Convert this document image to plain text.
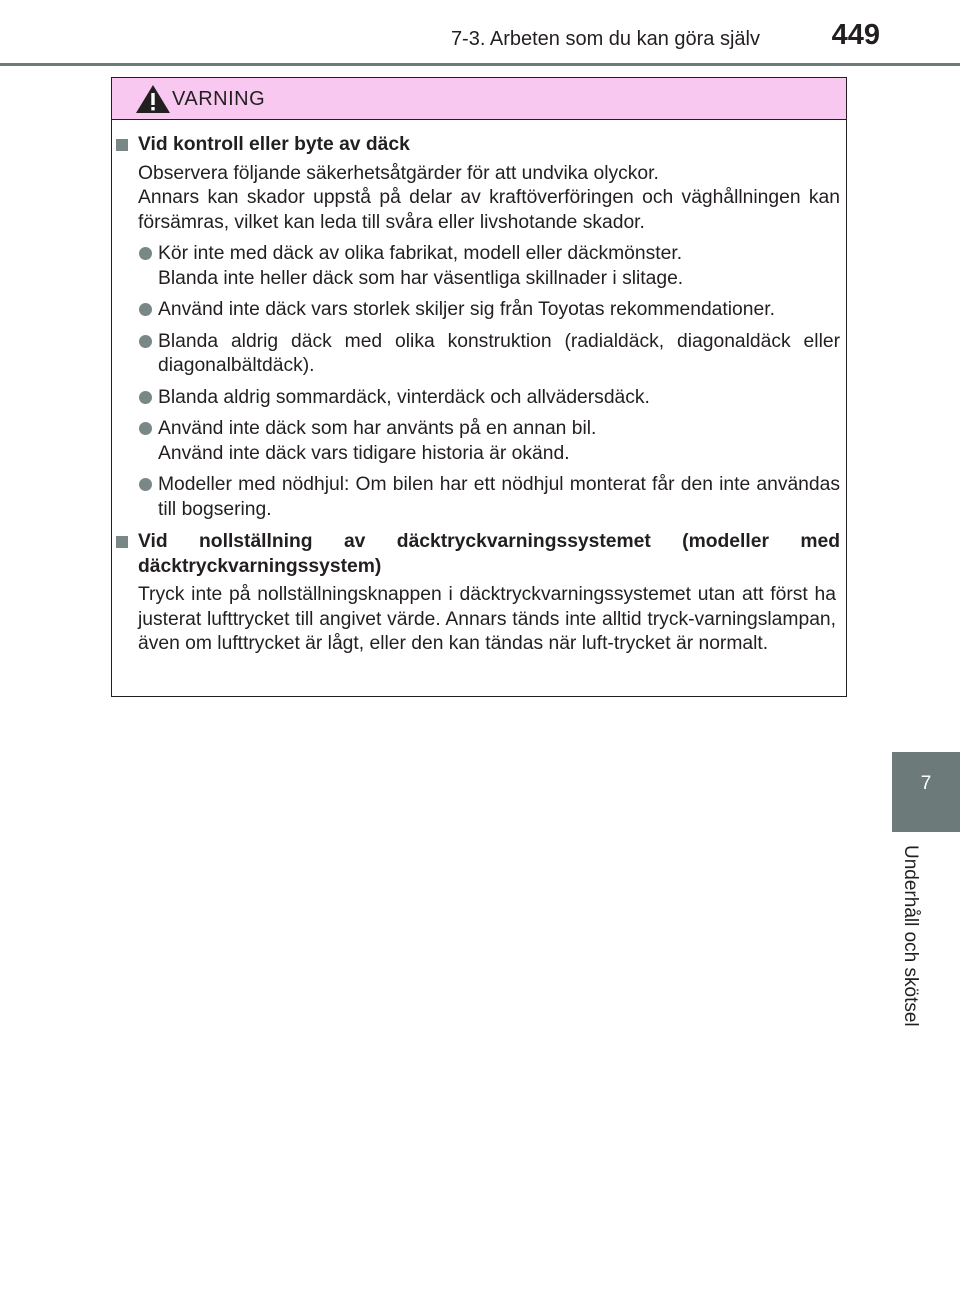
7-3. Arbeten som du kan göra själv	449
7
Underhåll och skötsel
VARNING
Vid kontroll eller byte av däck
Observera följande säkerhetsåtgärder för att undvika olyckor.
Annars kan skador uppstå på delar av kraftöverföringen och väghållningen kan försämras, vilket kan leda till svåra eller livshotande skador.
Kör inte med däck av olika fabrikat, modell eller däckmönster.
Blanda inte heller däck som har väsentliga skillnader i slitage.
Använd inte däck vars storlek skiljer sig från Toyotas rekommendationer.
Blanda aldrig däck med olika konstruktion (radialdäck, diagonaldäck eller diagonalbältdäck).
Blanda aldrig sommardäck, vinterdäck och allvädersdäck.
Använd inte däck som har använts på en annan bil.
Använd inte däck vars tidigare historia är okänd.
Modeller med nödhjul: Om bilen har ett nödhjul monterat får den inte användas till bogsering.
Vid nollställning av däcktryckvarningssystemet (modeller med däcktryckvarningssystem)
Tryck inte på nollställningsknappen i däcktryckvarningssystemet utan att först ha justerat lufttrycket till angivet värde. Annars tänds inte alltid tryck-varningslampan, även om lufttrycket är lågt, eller den kan tändas när luft-trycket är normalt.
